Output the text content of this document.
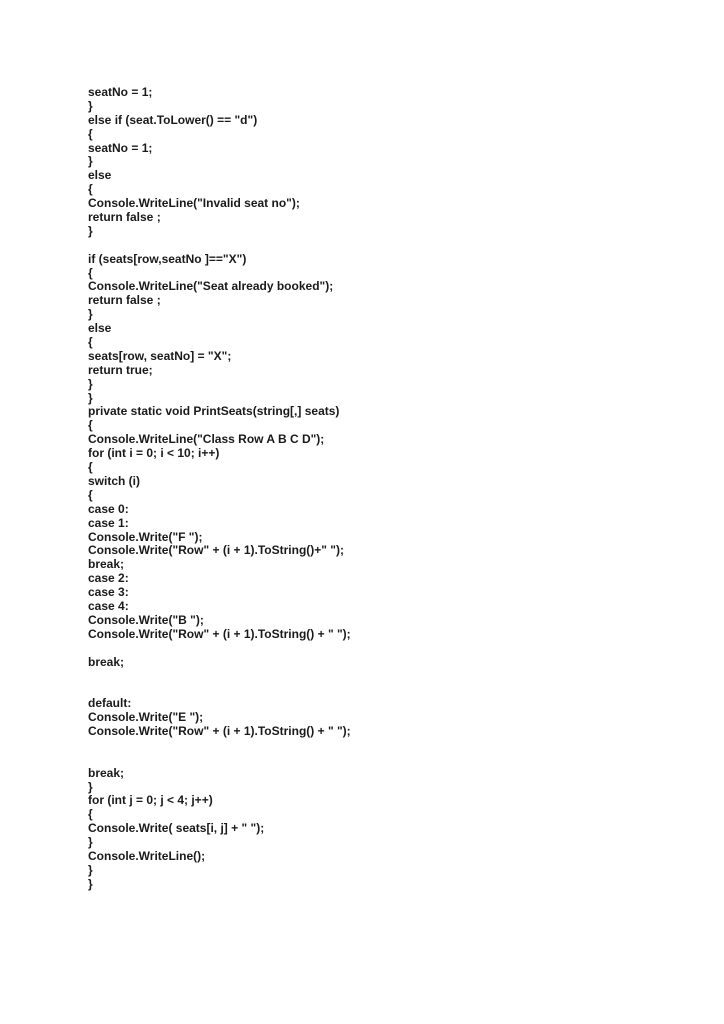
seatNo = 1;
}
else if (seat.ToLower() == "d")
{
seatNo = 1;
}
else
{
Console.WriteLine("Invalid seat no");
return false ;
}
if (seats[row,seatNo ]=="X")
{
Console.WriteLine("Seat already booked");
return false ;
}
else
{
seats[row, seatNo] = "X";
return true;
}
}
private static void PrintSeats(string[,] seats)
{
Console.WriteLine("Class Row A B C D");
for (int i = 0; i < 10; i++)
{
switch (i)
{
case 0:
case 1:
Console.Write("F ");
Console.Write("Row" + (i + 1).ToString()+" ");
break;
case 2:
case 3:
case 4:
Console.Write("B ");
Console.Write("Row" + (i + 1).ToString() + " ");
break;
default:
Console.Write("E ");
Console.Write("Row" + (i + 1).ToString() + " ");
break;
}
for (int j = 0; j < 4; j++)
{
Console.Write( seats[i, j] + " ");
}
Console.WriteLine();
}
}
